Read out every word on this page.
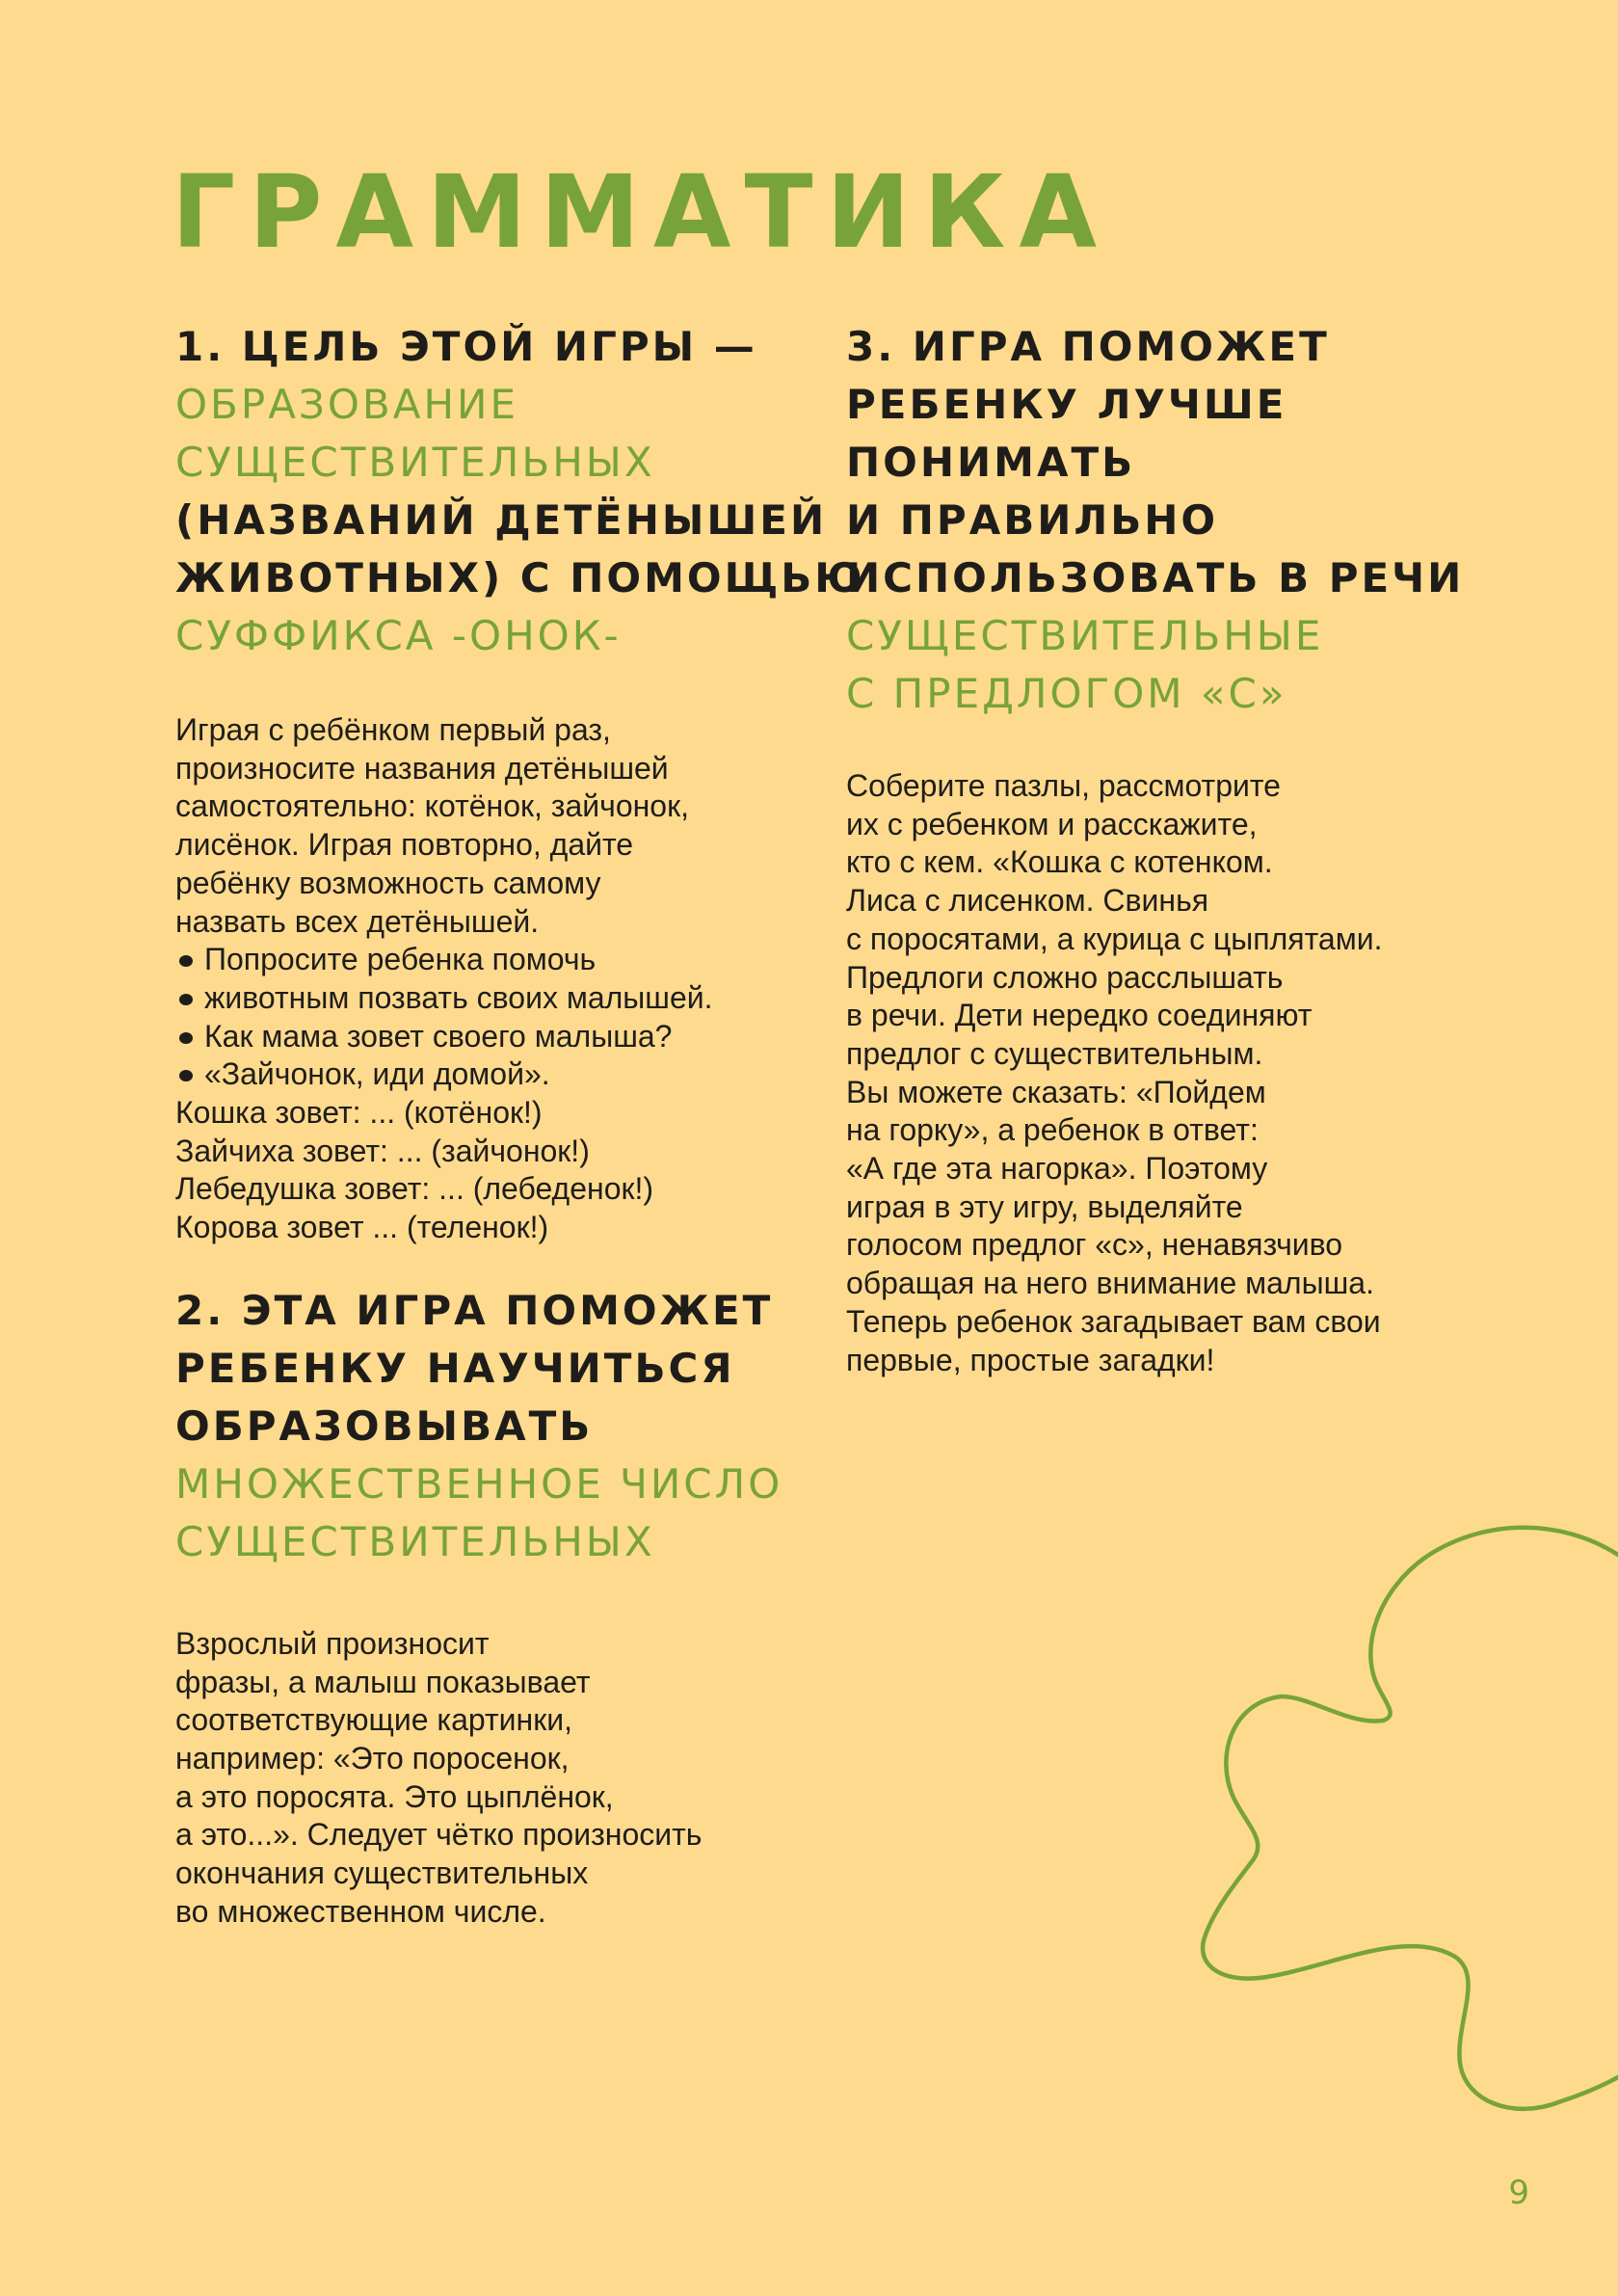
ГРАММАТИКА
1. ЦЕЛЬ ЭТОЙ ИГРЫ —
ОБРАЗОВАНИЕ
СУЩЕСТВИТЕЛЬНЫХ
(НАЗВАНИЙ ДЕТЁНЫШЕЙ
ЖИВОТНЫХ) С ПОМОЩЬЮ
СУФФИКСА -ОНОК-

Играя с ребёнком первый раз,
произносите названия детёнышей
самостоятельно: котёнок, зайчонок,
лисёнок. Играя повторно, дайте
ребёнку возможность самому
назвать всех детёнышей.

Попросите ребенка помочь
животным позвать своих малышей.
Как мама зовет своего малыша?
«Зайчонок, иди домой».

Кошка зовет: ... (котёнок!)
Зайчиха зовет: ... (зайчонок!)
Лебедушка зовет: ... (лебеденок!)
Корова зовет ... (теленок!)

2. ЭТА ИГРА ПОМОЖЕТ
РЕБЕНКУ НАУЧИТЬСЯ
ОБРАЗОВЫВАТЬ
МНОЖЕСТВЕННОЕ ЧИСЛО
СУЩЕСТВИТЕЛЬНЫХ

Взрослый произносит
фразы, а малыш показывает
соответствующие картинки,
например: «Это поросенок,
а это поросята. Это цыплёнок,
а это...». Следует чётко произносить
окончания существительных
во множественном числе.

3. ИГРА ПОМОЖЕТ
РЕБЕНКУ ЛУЧШЕ
ПОНИМАТЬ
И ПРАВИЛЬНО
ИСПОЛЬЗОВАТЬ В РЕЧИ
СУЩЕСТВИТЕЛЬНЫЕ
С ПРЕДЛОГОМ «С»

Соберите пазлы, рассмотрите
их с ребенком и расскажите,
кто с кем. «Кошка с котенком.
Лиса с лисенком. Свинья
с поросятами, а курица с цыплятами.
Предлоги сложно расслышать
в речи. Дети нередко соединяют
предлог с существительным.
Вы можете сказать: «Пойдем
на горку», а ребенок в ответ:
«А где эта нагорка». Поэтому
играя в эту игру, выделяйте
голосом предлог «с», ненавязчиво
обращая на него внимание малыша.
Теперь ребенок загадывает вам свои
первые, простые загадки!

9
